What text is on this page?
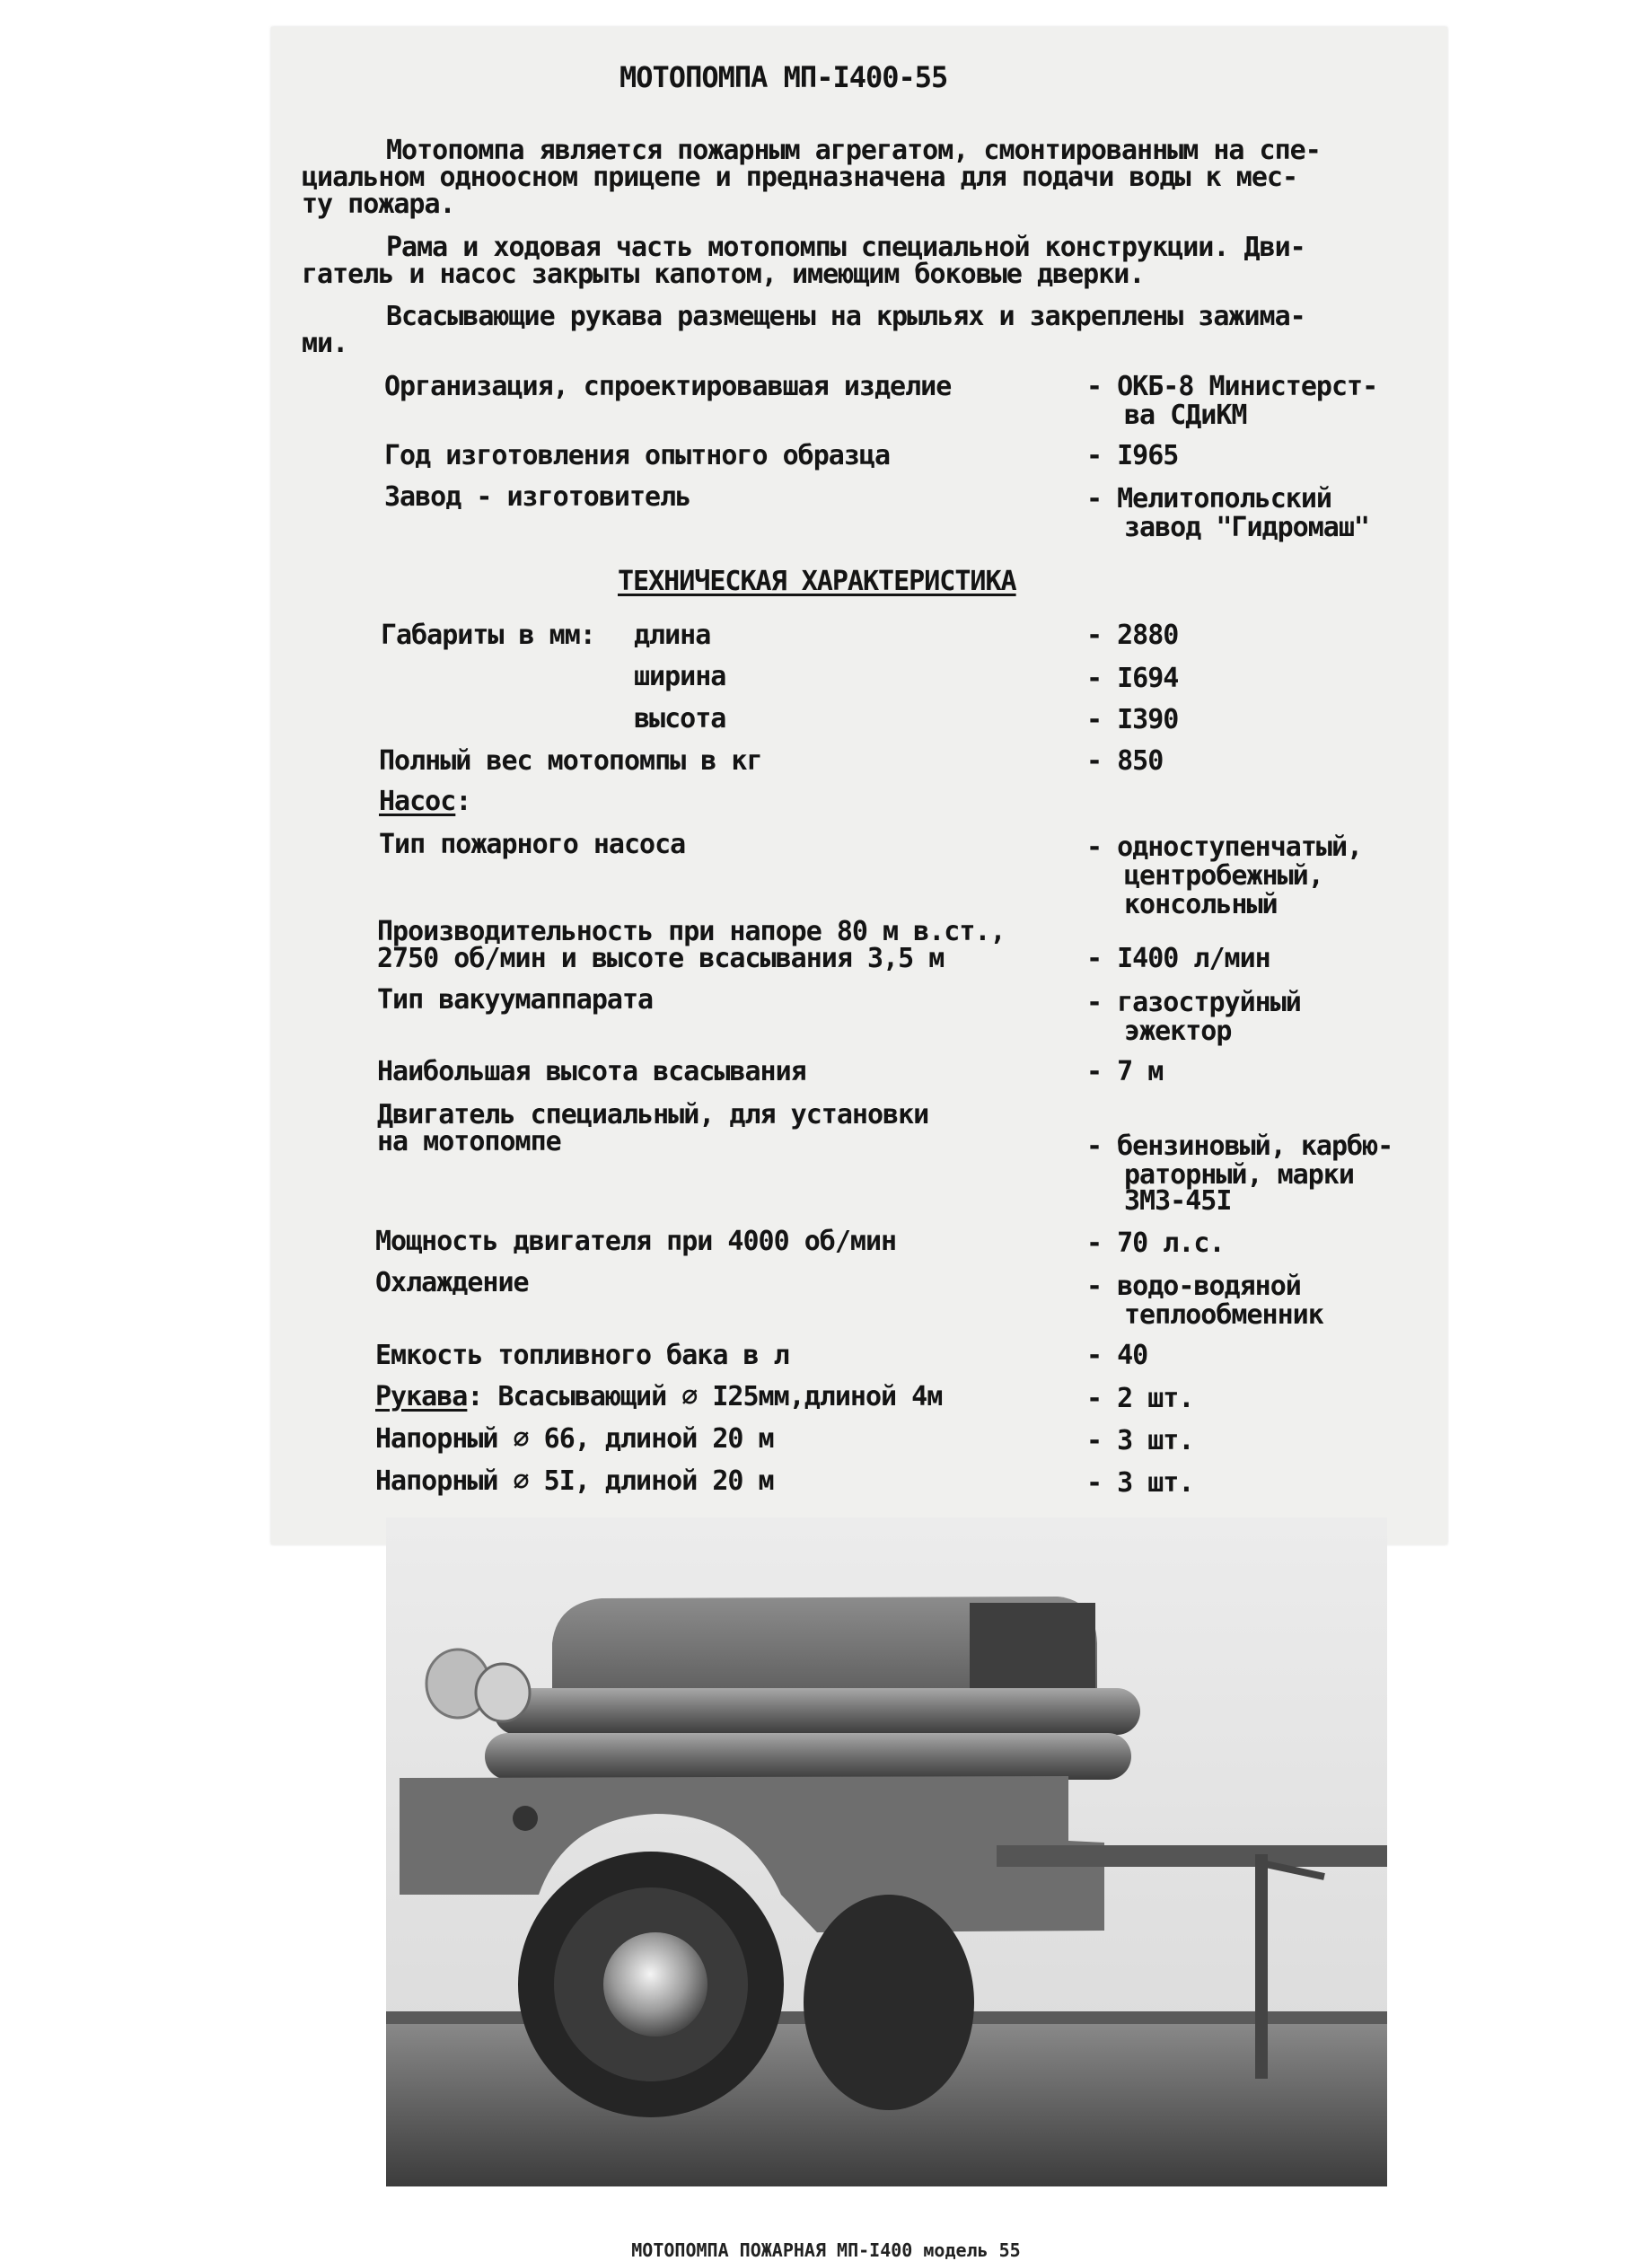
МОТОПОМПА МП-I400-55
Мотопомпа является пожарным агрегатом, смонтированным на спе-
циальном одноосном прицепе и предназначена для подачи воды к мес-
ту пожара.
Рама и ходовая часть мотопомпы специальной конструкции. Дви-
гатель и насос закрыты капотом, имеющим боковые дверки.
Всасывающие рукава размещены на крыльях и закреплены зажима-
ми.
Организация, спроектировавшая изделие	- ОКБ-8 Министерст-
ва СДиКМ
Год изготовления опытного образца	- I965
Завод - изготовитель	- Мелитопольский
завод "Гидромаш"
ТЕХНИЧЕСКАЯ ХАРАКТЕРИСТИКА
Габариты в мм: длина	- 2880
ширина	- I694
высота	- I390
Полный вес мотопомпы в кг	- 850
Насос:
Тип пожарного насоса	- одноступенчатый,
центробежный,
консольный
Производительность при напоре 80 м в.ст.,
2750 об/мин и высоте всасывания 3,5 м	- I400 л/мин
Тип вакуумаппарата	- газоструйный
эжектор
Наибольшая высота всасывания	- 7 м
Двигатель специальный, для установки
на мотопомпе	- бензиновый, карбю-
раторный, марки
ЗМЗ-45I
Мощность двигателя при 4000 об/мин	- 70 л.с.
Охлаждение	- водо-водяной
теплообменник
Емкость топливного бака в л	- 40
Рукава: Всасывающий ∅ I25мм,длиной 4м	- 2 шт.
Напорный ∅ 66, длиной 20 м	- 3 шт.
Напорный ∅ 5I, длиной 20 м	- 3 шт.
МОТОПОМПА ПОЖАРНАЯ МП-I400 модель 55
